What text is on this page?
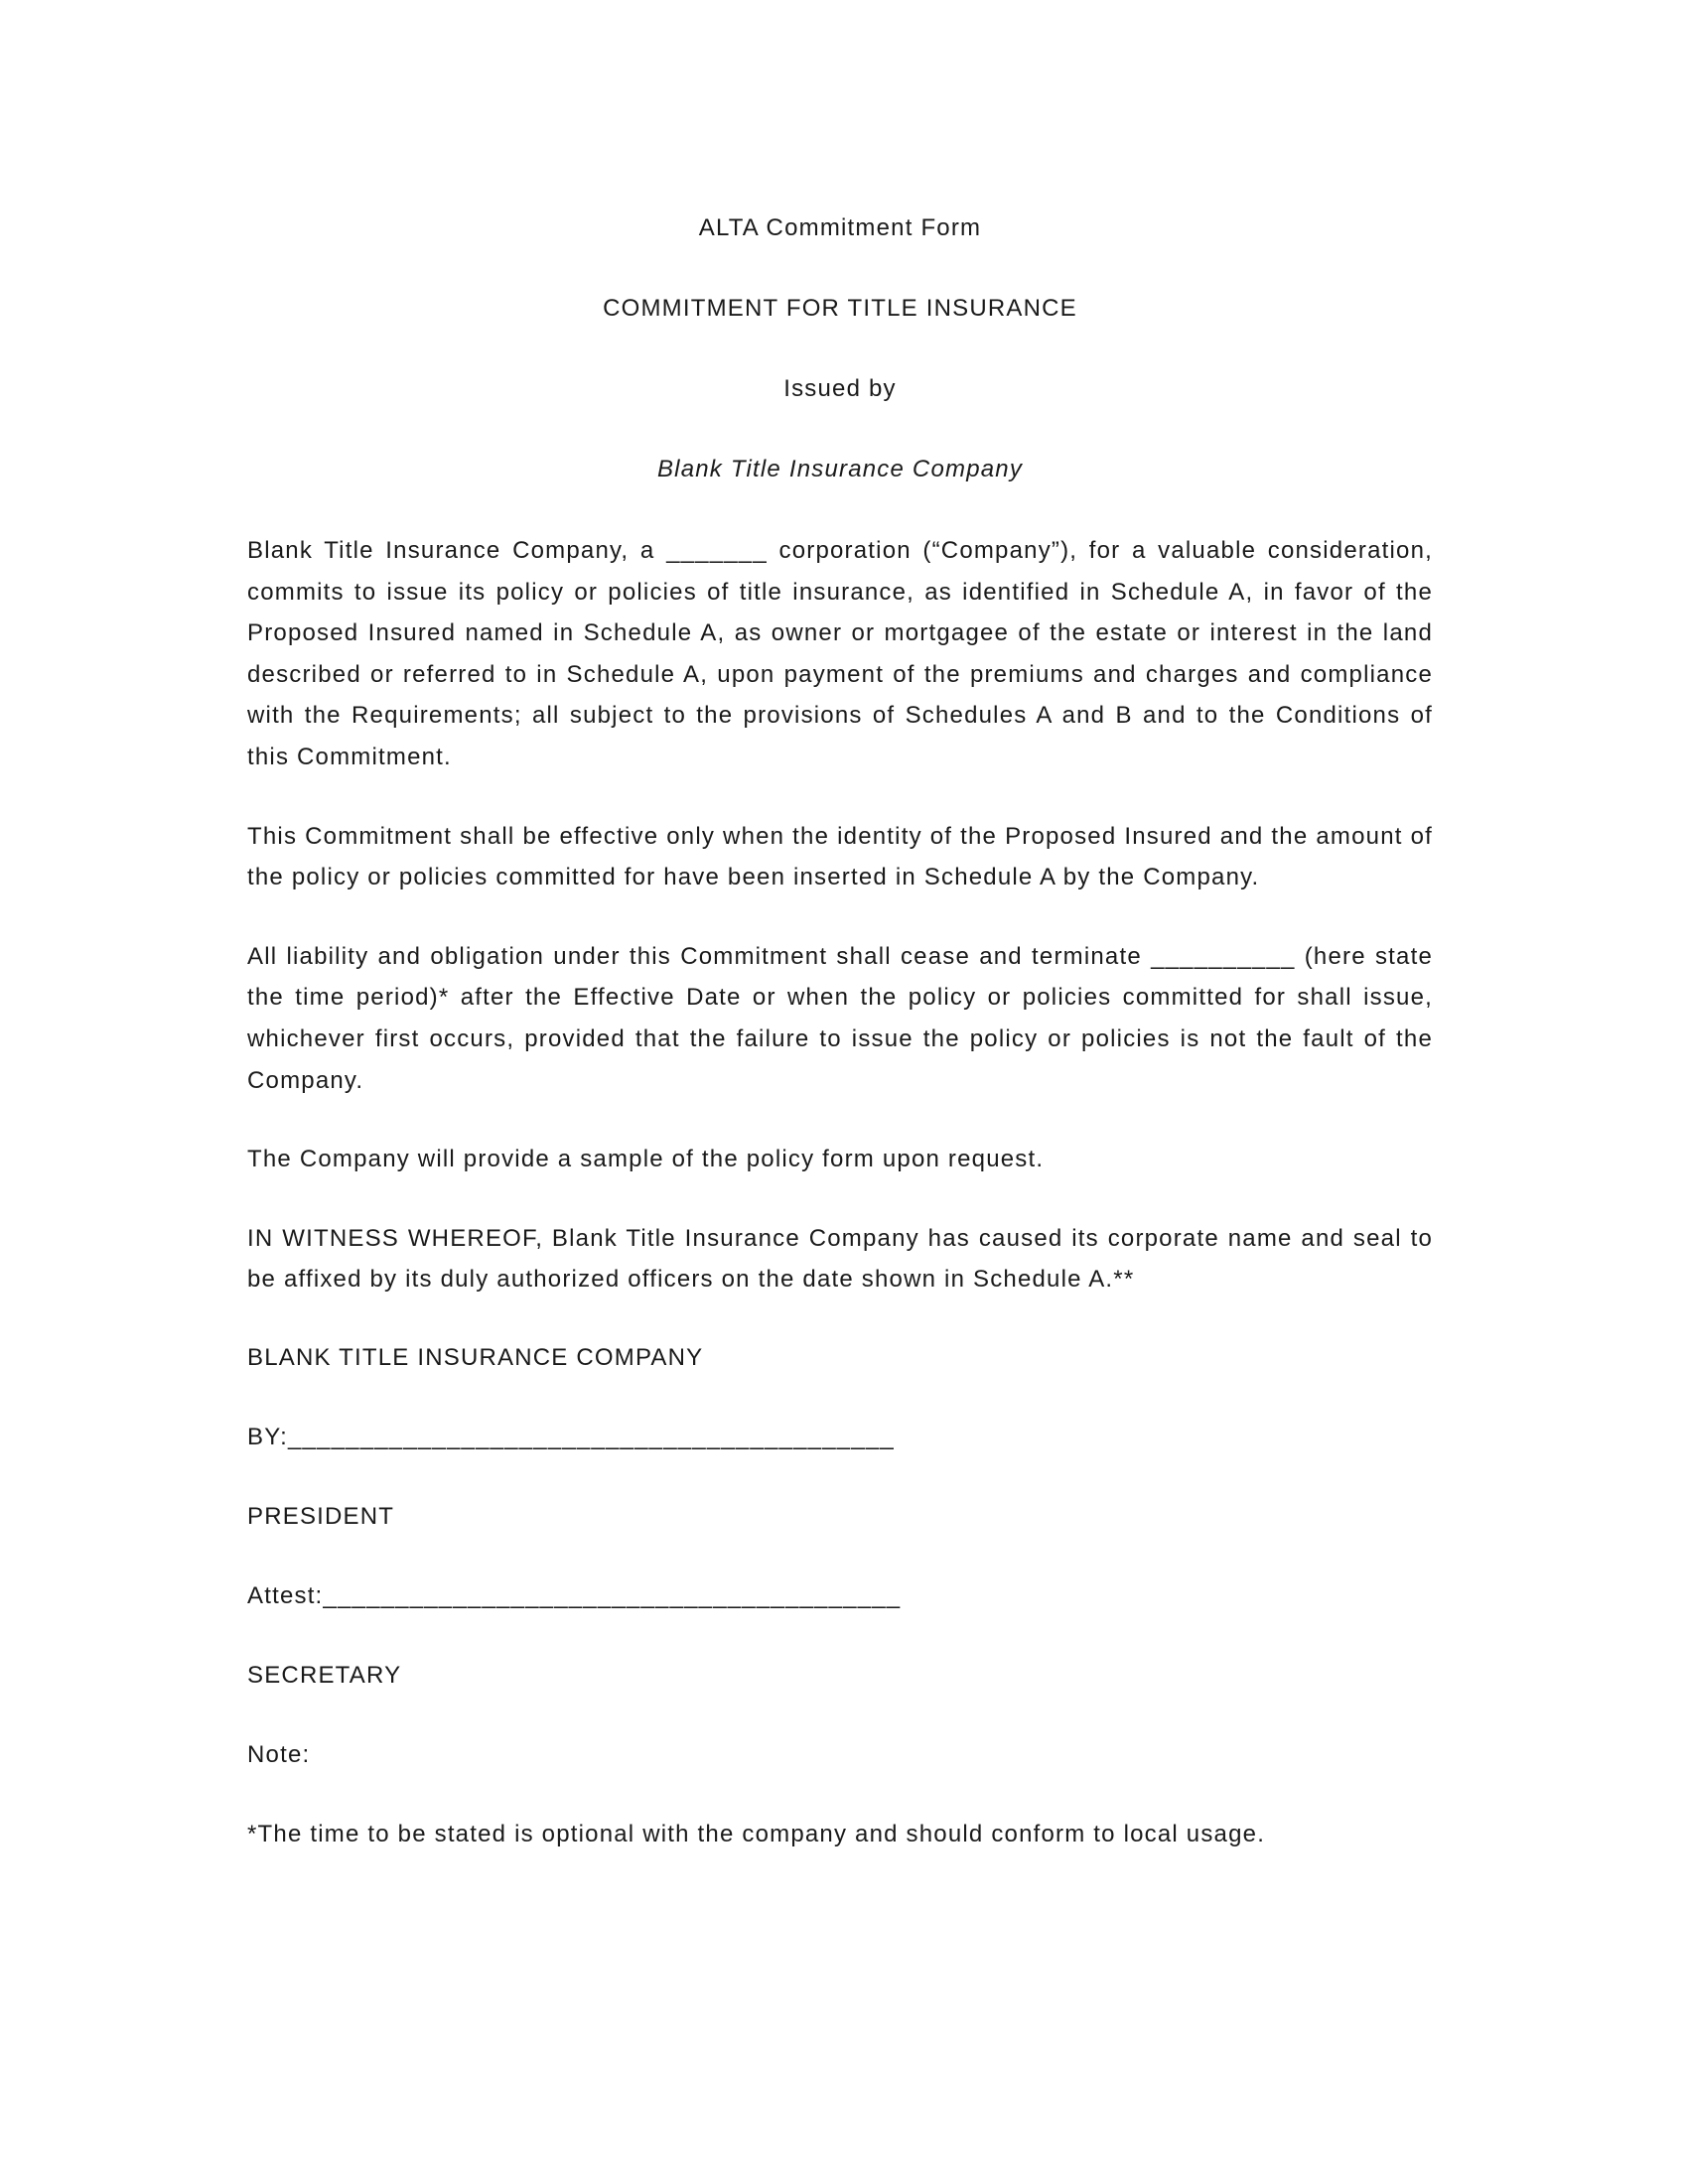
ALTA Commitment Form
COMMITMENT FOR TITLE INSURANCE
Issued by
Blank Title Insurance Company
Blank Title Insurance Company, a _______ corporation (“Company”), for a valuable consideration, commits to issue its policy or policies of title insurance, as identified in Schedule A, in favor of the Proposed Insured named in Schedule A, as owner or mortgagee of the estate or interest in the land described or referred to in Schedule A, upon payment of the premiums and charges and compliance with the Requirements; all subject to the provisions of Schedules A and B and to the Conditions of this Commitment.
This Commitment shall be effective only when the identity of the Proposed Insured and the amount of the policy or policies committed for have been inserted in Schedule A by the Company.
All liability and obligation under this Commitment shall cease and terminate __________ (here state the time period)* after the Effective Date or when the policy or policies committed for shall issue, whichever first occurs, provided that the failure to issue the policy or policies is not the fault of the Company.
The Company will provide a sample of the policy form upon request.
IN WITNESS WHEREOF, Blank Title Insurance Company has caused its corporate name and seal to be affixed by its duly authorized officers on the date shown in Schedule A.**
BLANK TITLE INSURANCE COMPANY
BY:__________________________________________
PRESIDENT
Attest:________________________________________
SECRETARY
Note:
*The time to be stated is optional with the company and should conform to local usage.
